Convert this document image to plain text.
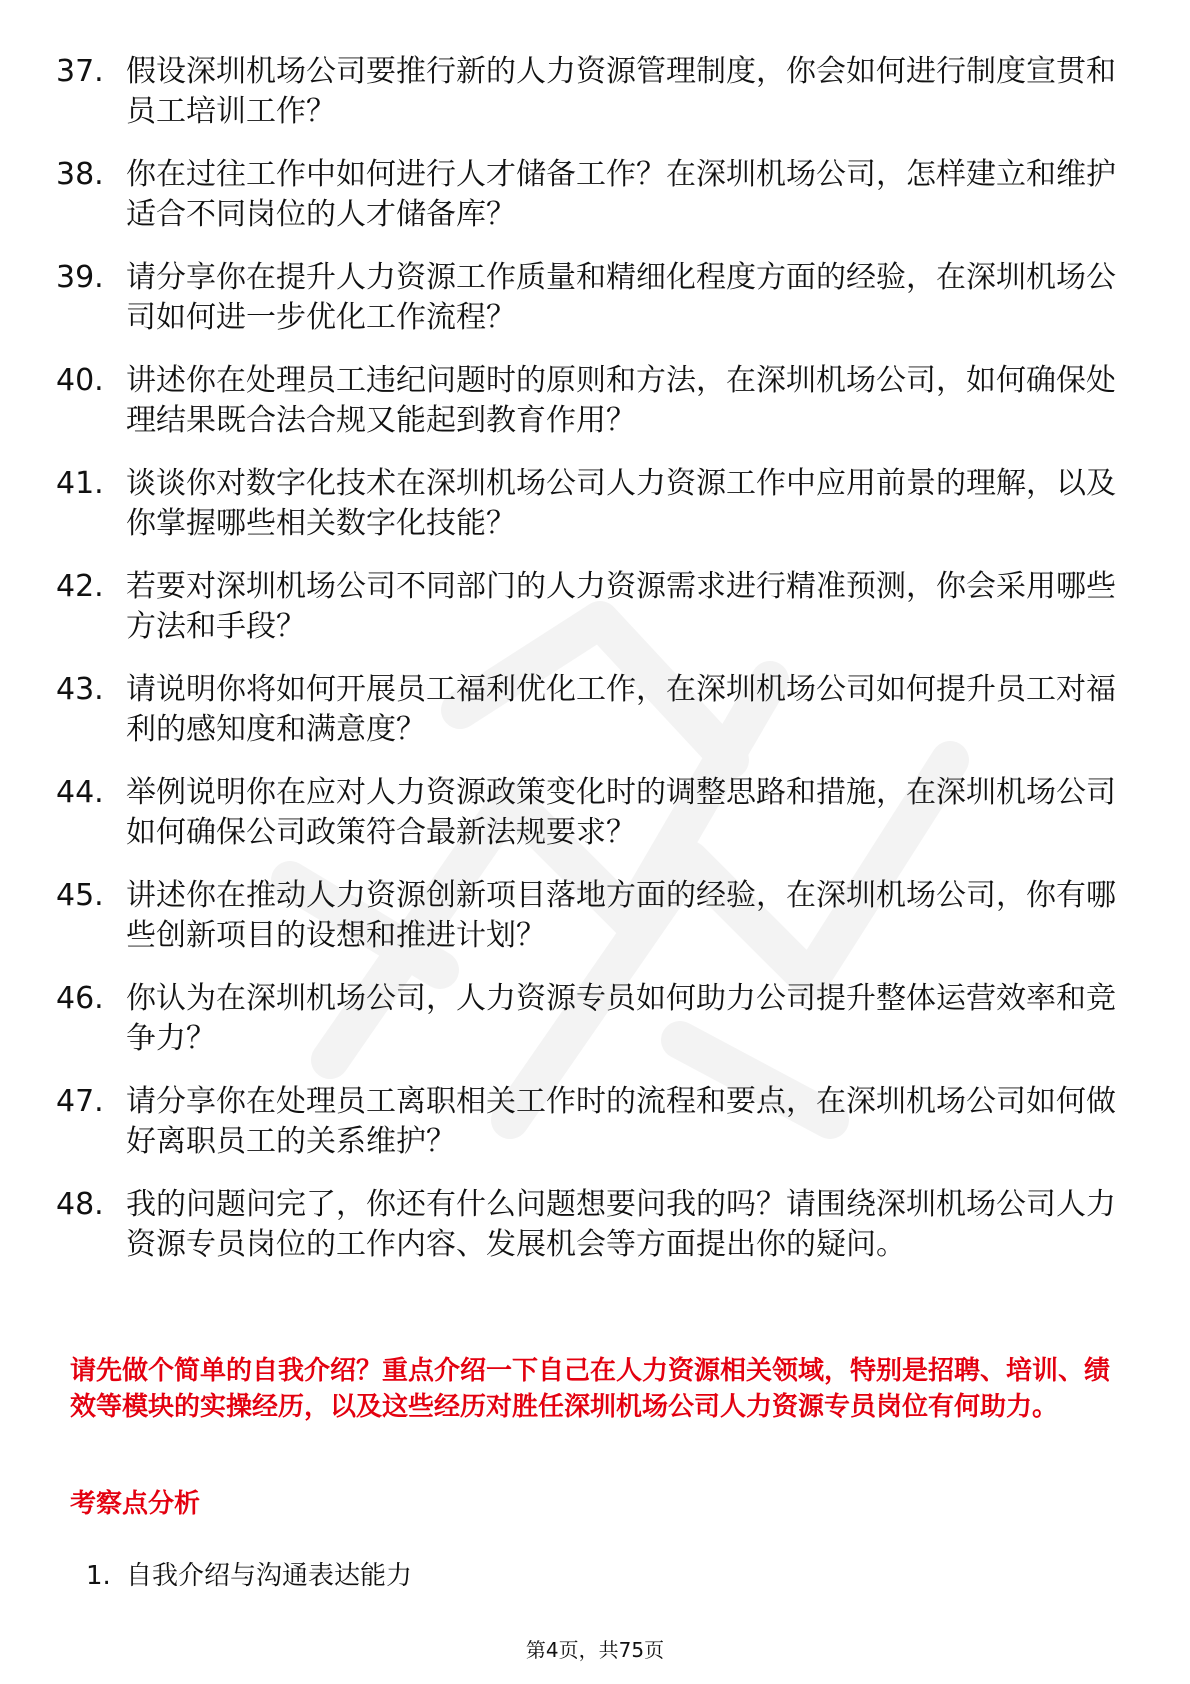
37. 假设深圳机场公司要推行新的人力资源管理制度，你会如何进行制度宣贯和员工培训工作？
38. 你在过往工作中如何进行人才储备工作？在深圳机场公司，怎样建立和维护适合不同岗位的人才储备库？
39. 请分享你在提升人力资源工作质量和精细化程度方面的经验，在深圳机场公司如何进一步优化工作流程？
40. 讲述你在处理员工违纪问题时的原则和方法，在深圳机场公司，如何确保处理结果既合法合规又能起到教育作用？
41. 谈谈你对数字化技术在深圳机场公司人力资源工作中应用前景的理解，以及你掌握哪些相关数字化技能？
42. 若要对深圳机场公司不同部门的人力资源需求进行精准预测，你会采用哪些方法和手段？
43. 请说明你将如何开展员工福利优化工作，在深圳机场公司如何提升员工对福利的感知度和满意度？
44. 举例说明你在应对人力资源政策变化时的调整思路和措施，在深圳机场公司如何确保公司政策符合最新法规要求？
45. 讲述你在推动人力资源创新项目落地方面的经验，在深圳机场公司，你有哪些创新项目的设想和推进计划？
46. 你认为在深圳机场公司，人力资源专员如何助力公司提升整体运营效率和竞争力？
47. 请分享你在处理员工离职相关工作时的流程和要点，在深圳机场公司如何做好离职员工的关系维护？
48. 我的问题问完了，你还有什么问题想要问我的吗？请围绕深圳机场公司人力资源专员岗位的工作内容、发展机会等方面提出你的疑问。

请先做个简单的自我介绍？重点介绍一下自己在人力资源相关领域，特别是招聘、培训、绩效等模块的实操经历，以及这些经历对胜任深圳机场公司人力资源专员岗位有何助力。

考察点分析
1. 自我介绍与沟通表达能力
第4页，共75页
